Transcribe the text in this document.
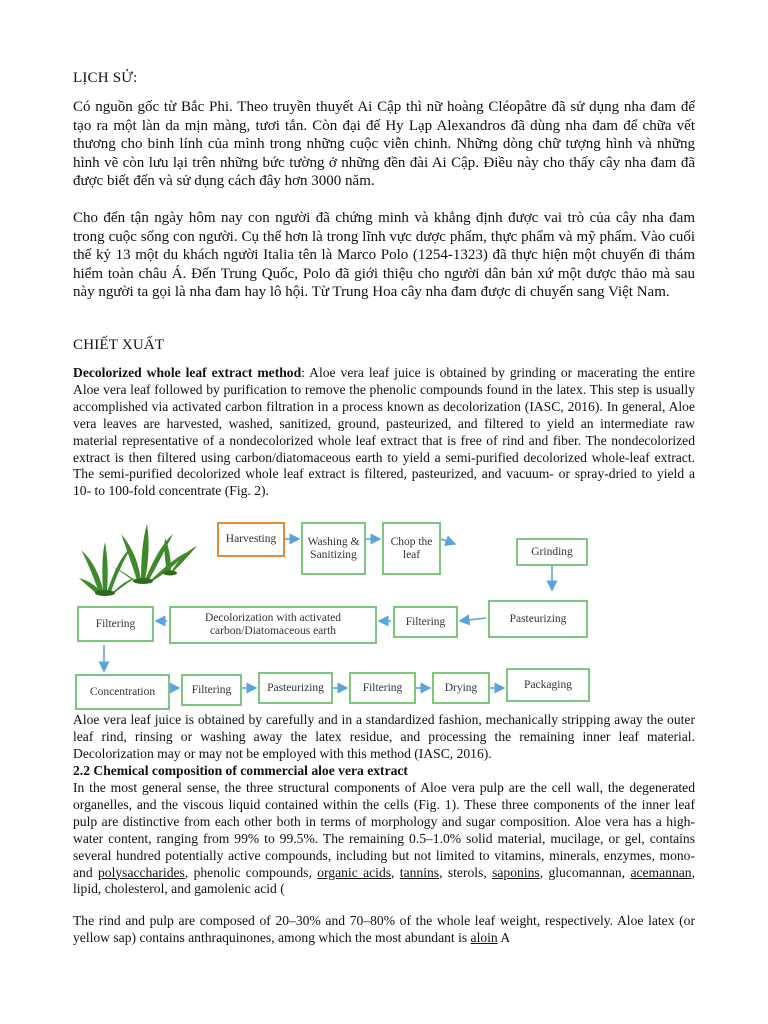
LỊCH SỬ:
Có nguồn gốc từ Bắc Phi. Theo truyền thuyết Ai Cập thì nữ hoàng Cléopâtre đã sử dụng nha đam để tạo ra một làn da mịn màng, tươi tắn. Còn đại đế Hy Lạp Alexandros đã dùng nha đam để chữa vết thương cho binh lính của mình trong những cuộc viễn chinh. Những dòng chữ tượng hình và những hình vẽ còn lưu lại trên những bức tường ở những đền đài Ai Cập. Điều này cho thấy cây nha đam đã được biết đến và sử dụng cách đây hơn 3000 năm.
Cho đến tận ngày hôm nay con người đã chứng minh và khẳng định được vai trò của cây nha đam trong cuộc sống con người. Cụ thể hơn là trong lĩnh vực dược phẩm, thực phẩm và mỹ phẩm. Vào cuối thế kỷ 13 một du khách người Italia tên là Marco Polo (1254-1323) đã thực hiện một chuyến đi thám hiểm toàn châu Á. Đến Trung Quốc, Polo đã giới thiệu cho người dân bản xứ một dược thảo mà sau này người ta gọi là nha đam hay lô hội. Từ Trung Hoa cây nha đam được di chuyển sang Việt Nam.
CHIẾT XUẤT
Decolorized whole leaf extract method: Aloe vera leaf juice is obtained by grinding or macerating the entire Aloe vera leaf followed by purification to remove the phenolic compounds found in the latex. This step is usually accomplished via activated carbon filtration in a process known as decolorization (IASC, 2016). In general, Aloe vera leaves are harvested, washed, sanitized, ground, pasteurized, and filtered to yield an intermediate raw material representative of a nondecolorized whole leaf extract that is free of rind and fiber. The nondecolorized extract is then filtered using carbon/diatomaceous earth to yield a semi-purified decolorized whole-leaf extract. The semi-purified decolorized whole leaf extract is filtered, pasteurized, and vacuum- or spray-dried to yield a 10- to 100-fold concentrate (Fig. 2).
Aloe vera leaf juice is obtained by carefully and in a standardized fashion, mechanically stripping away the outer leaf rind, rinsing or washing away the latex residue, and processing the remaining inner leaf material. Decolorization may or may not be employed with this method (IASC, 2016).
2.2 Chemical composition of commercial aloe vera extract
In the most general sense, the three structural components of Aloe vera pulp are the cell wall, the degenerated organelles, and the viscous liquid contained within the cells (Fig. 1). These three components of the inner leaf pulp are distinctive from each other both in terms of morphology and sugar composition. Aloe vera has a high-water content, ranging from 99% to 99.5%. The remaining 0.5–1.0% solid material, mucilage, or gel, contains several hundred potentially active compounds, including but not limited to vitamins, minerals, enzymes, mono- and polysaccharides, phenolic compounds, organic acids, tannins, sterols, saponins, glucomannan, acemannan, lipid, cholesterol, and gamolenic acid (
The rind and pulp are composed of 20–30% and 70–80% of the whole leaf weight, respectively. Aloe latex (or yellow sap) contains anthraquinones, among which the most abundant is aloin A
Harvesting	Washing & Sanitizing
Chop the leaf	Grinding
Pasteurizing
Filtering
Decolorization with activated carbon/Diatomaceous earth
Filtering
Concentration	Filtering	Pasteurizing	Filtering	Drying	Packaging
